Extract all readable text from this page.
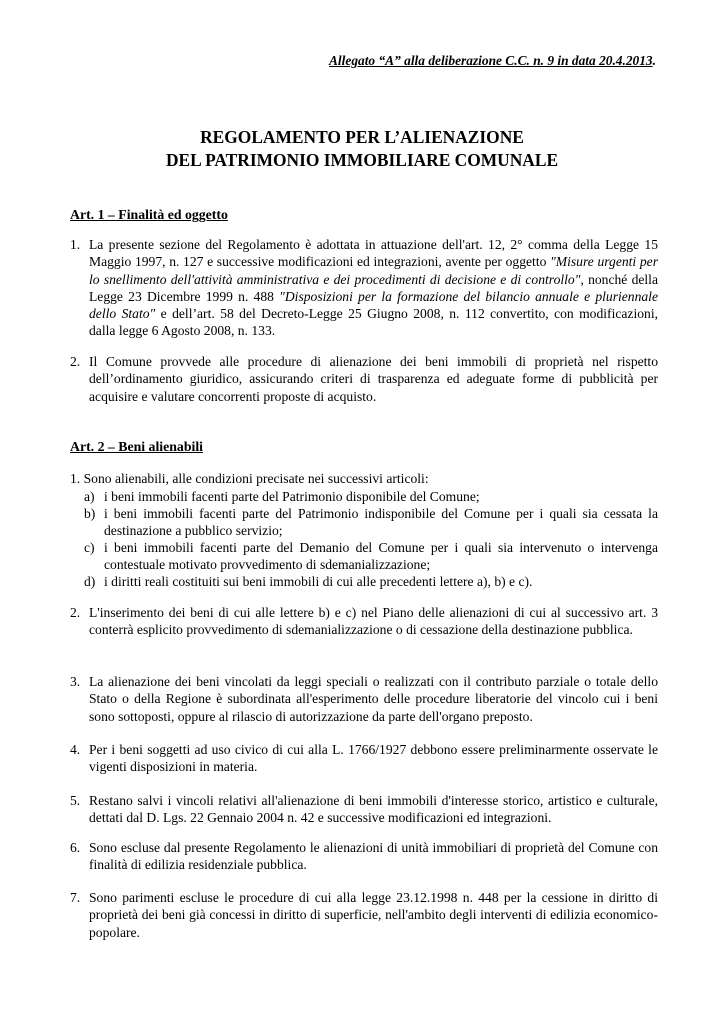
Allegato “A” alla deliberazione C.C. n. 9 in data 20.4.2013.
REGOLAMENTO PER L’ALIENAZIONE
DEL PATRIMONIO IMMOBILIARE COMUNALE
Art. 1 – Finalità ed oggetto
1. La presente sezione del Regolamento è adottata in attuazione dell'art. 12, 2° comma della Legge 15 Maggio 1997, n. 127 e successive modificazioni ed integrazioni, avente per oggetto "Misure urgenti per lo snellimento dell'attività amministrativa e dei procedimenti di decisione e di controllo", nonché della Legge 23 Dicembre 1999 n. 488 "Disposizioni per la formazione del bilancio annuale e pluriennale dello Stato" e dell’art. 58 del Decreto-Legge 25 Giugno 2008, n. 112 convertito, con modificazioni, dalla legge 6 Agosto 2008, n. 133.
2. Il Comune provvede alle procedure di alienazione dei beni immobili di proprietà nel rispetto dell’ordinamento giuridico, assicurando criteri di trasparenza ed adeguate forme di pubblicità per acquisire e valutare concorrenti proposte di acquisto.
Art. 2 – Beni alienabili
1. Sono alienabili, alle condizioni precisate nei successivi articoli:
a) i beni immobili facenti parte del Patrimonio disponibile del Comune;
b) i beni immobili facenti parte del Patrimonio indisponibile del Comune per i quali sia cessata la destinazione a pubblico servizio;
c) i beni immobili facenti parte del Demanio del Comune per i quali sia intervenuto o intervenga contestuale motivato provvedimento di sdemanializzazione;
d) i diritti reali costituiti sui beni immobili di cui alle precedenti lettere a), b) e c).
2. L'inserimento dei beni di cui alle lettere b) e c) nel Piano delle alienazioni di cui al successivo art. 3 conterrà esplicito provvedimento di sdemanializzazione o di cessazione della destinazione pubblica.
3. La alienazione dei beni vincolati da leggi speciali o realizzati con il contributo parziale o totale dello Stato o della Regione è subordinata all'esperimento delle procedure liberatorie del vincolo cui i beni sono sottoposti, oppure al rilascio di autorizzazione da parte dell'organo preposto.
4. Per i beni soggetti ad uso civico di cui alla L. 1766/1927 debbono essere preliminarmente osservate le vigenti disposizioni in materia.
5. Restano salvi i vincoli relativi all'alienazione di beni immobili d'interesse storico, artistico e culturale, dettati dal D. Lgs. 22 Gennaio 2004 n. 42 e successive modificazioni ed integrazioni.
6. Sono escluse dal presente Regolamento le alienazioni di unità immobiliari di proprietà del Comune con finalità di edilizia residenziale pubblica.
7. Sono parimenti escluse le procedure di cui alla legge 23.12.1998 n. 448 per la cessione in diritto di proprietà dei beni già concessi in diritto di superficie, nell'ambito degli interventi di edilizia economico-popolare.
